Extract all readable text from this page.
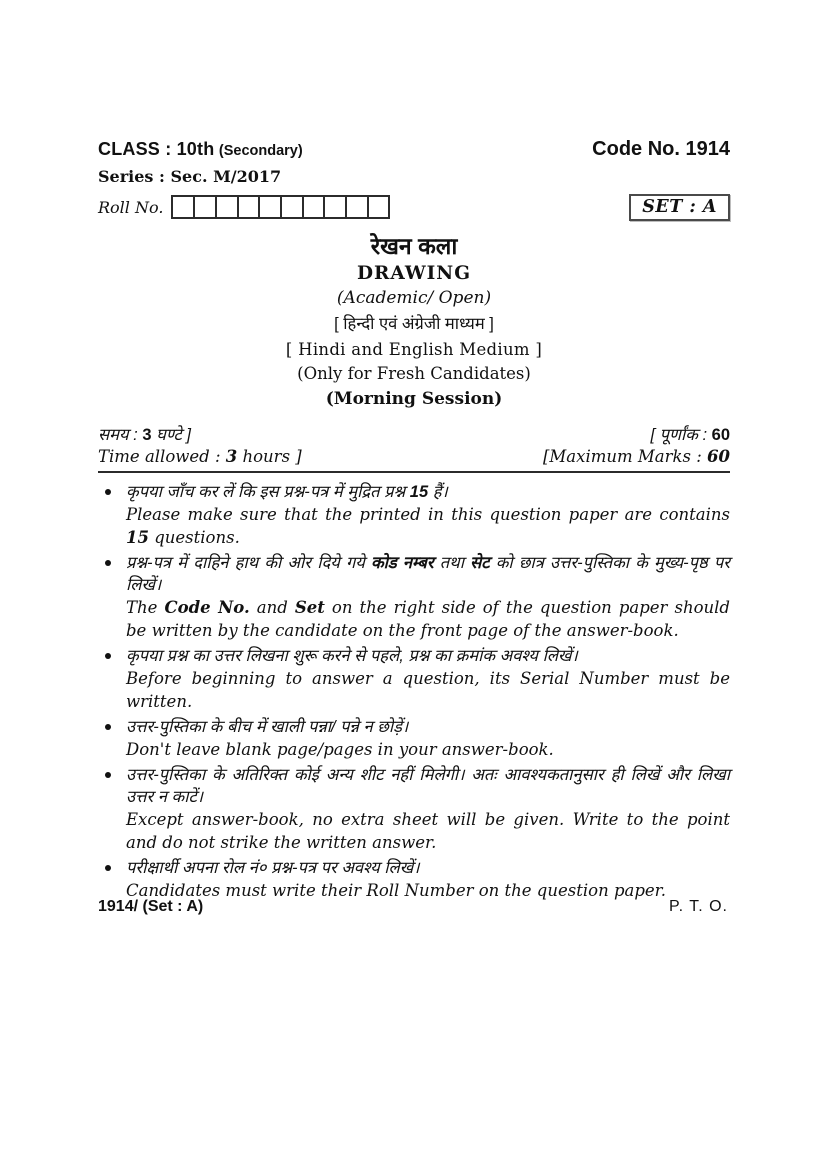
CLASS : 10th (Secondary)	Code No. 1914
Series : Sec. M/2017
Roll No.	SET : A
रेखन कला
DRAWING
(Academic/ Open)
[ हिन्दी एवं अंग्रेजी माध्यम ]
[ Hindi and English Medium ]
(Only for Fresh Candidates)
(Morning Session)
समय : 3 घण्टे ]	[ पूर्णांक : 60
Time allowed : 3 hours ]	[Maximum Marks : 60

कृपया जाँच कर लें कि इस प्रश्न-पत्र में मुद्रित प्रश्न 15 हैं।

Please make sure that the printed in this question paper are contains 15 questions.

प्रश्न-पत्र में दाहिने हाथ की ओर दिये गये कोड नम्बर तथा सेट को छात्र उत्तर-पुस्तिका के मुख्य-पृष्ठ पर लिखें।

The Code No. and Set on the right side of the question paper should be written by the candidate on the front page of the answer-book.

कृपया प्रश्न का उत्तर लिखना शुरू करने से पहले, प्रश्न का क्रमांक अवश्य लिखें।

Before beginning to answer a question, its Serial Number must be written.

उत्तर-पुस्तिका के बीच में खाली पन्ना/ पन्ने न छोड़ें।

Don't leave blank page/pages in your answer-book.

उत्तर-पुस्तिका के अतिरिक्त कोई अन्य शीट नहीं मिलेगी। अतः आवश्यकतानुसार ही लिखें और लिखा उत्तर न काटें।

Except answer-book, no extra sheet will be given. Write to the point and do not strike the written answer.

परीक्षार्थी अपना रोल नं० प्रश्न-पत्र पर अवश्य लिखें।

Candidates must write their Roll Number on the question paper.

1914/ (Set : A)	P. T. O.
